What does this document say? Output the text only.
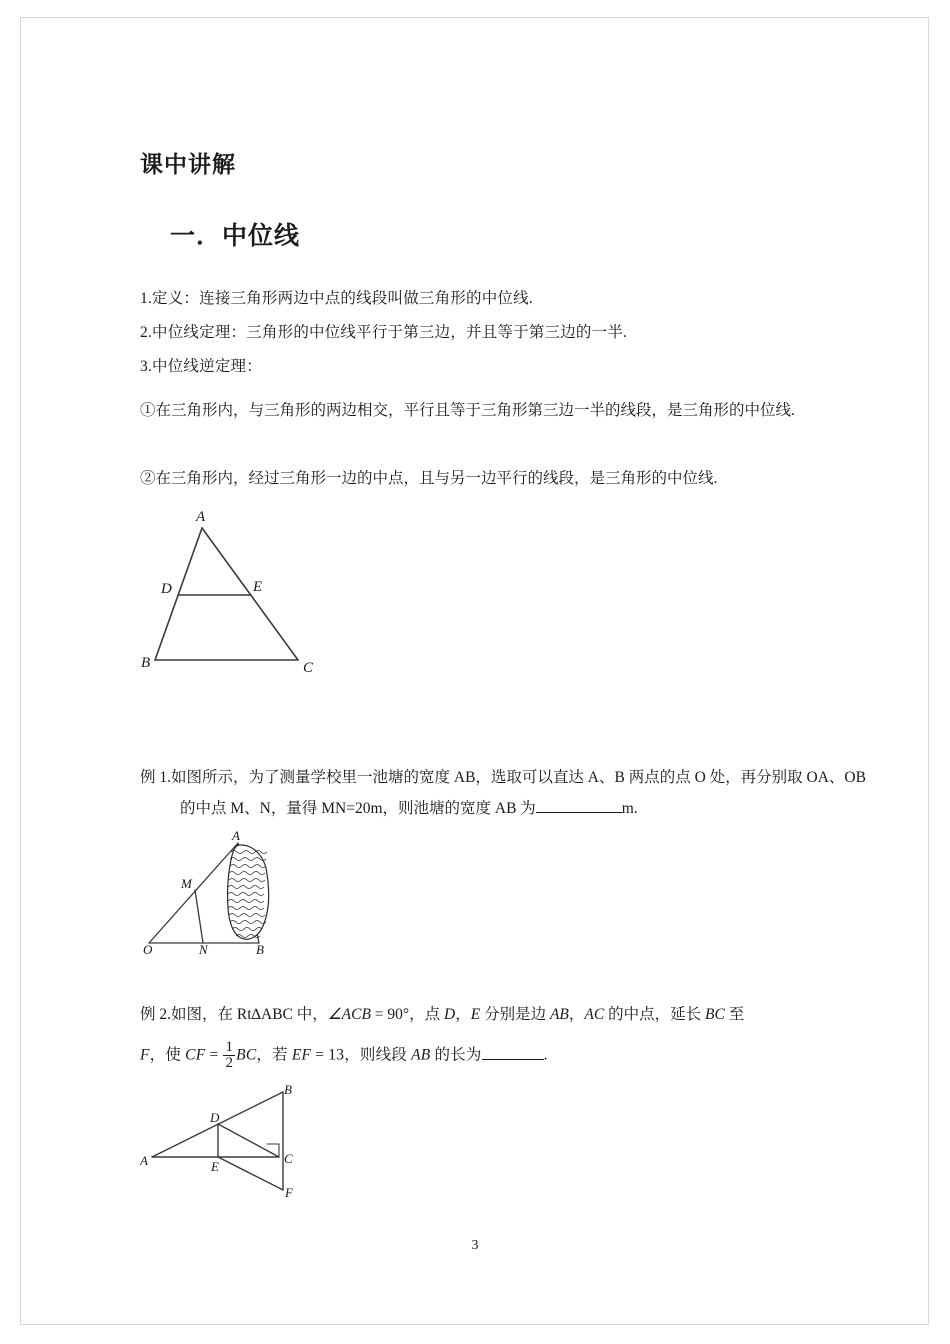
课中讲解
一．中位线
1.定义：连接三角形两边中点的线段叫做三角形的中位线.
2.中位线定理：三角形的中位线平行于第三边，并且等于第三边的一半.
3.中位线逆定理：
①在三角形内，与三角形的两边相交，平行且等于三角形第三边一半的线段，是三角形的中位线.
②在三角形内，经过三角形一边的中点，且与另一边平行的线段，是三角形的中位线.
A
B	C
D	E
例 1.如图所示，为了测量学校里一池塘的宽度 AB，选取可以直达 A、B 两点的点 O 处，再分别取 OA、OB 的中点 M、N，量得 MN=20m，则池塘的宽度 AB 为	m.
A
O	N	B
M
例 2.如图，在 Rt∆ABC 中，∠ACB = 90°，点 D，E 分别是边 AB，AC 的中点，延长 BC 至
F，使 CF = $\frac{1}{2}$ BC，若 EF = 13，则线段 AB 的长为	.
B
A
D
E
C
F
3
